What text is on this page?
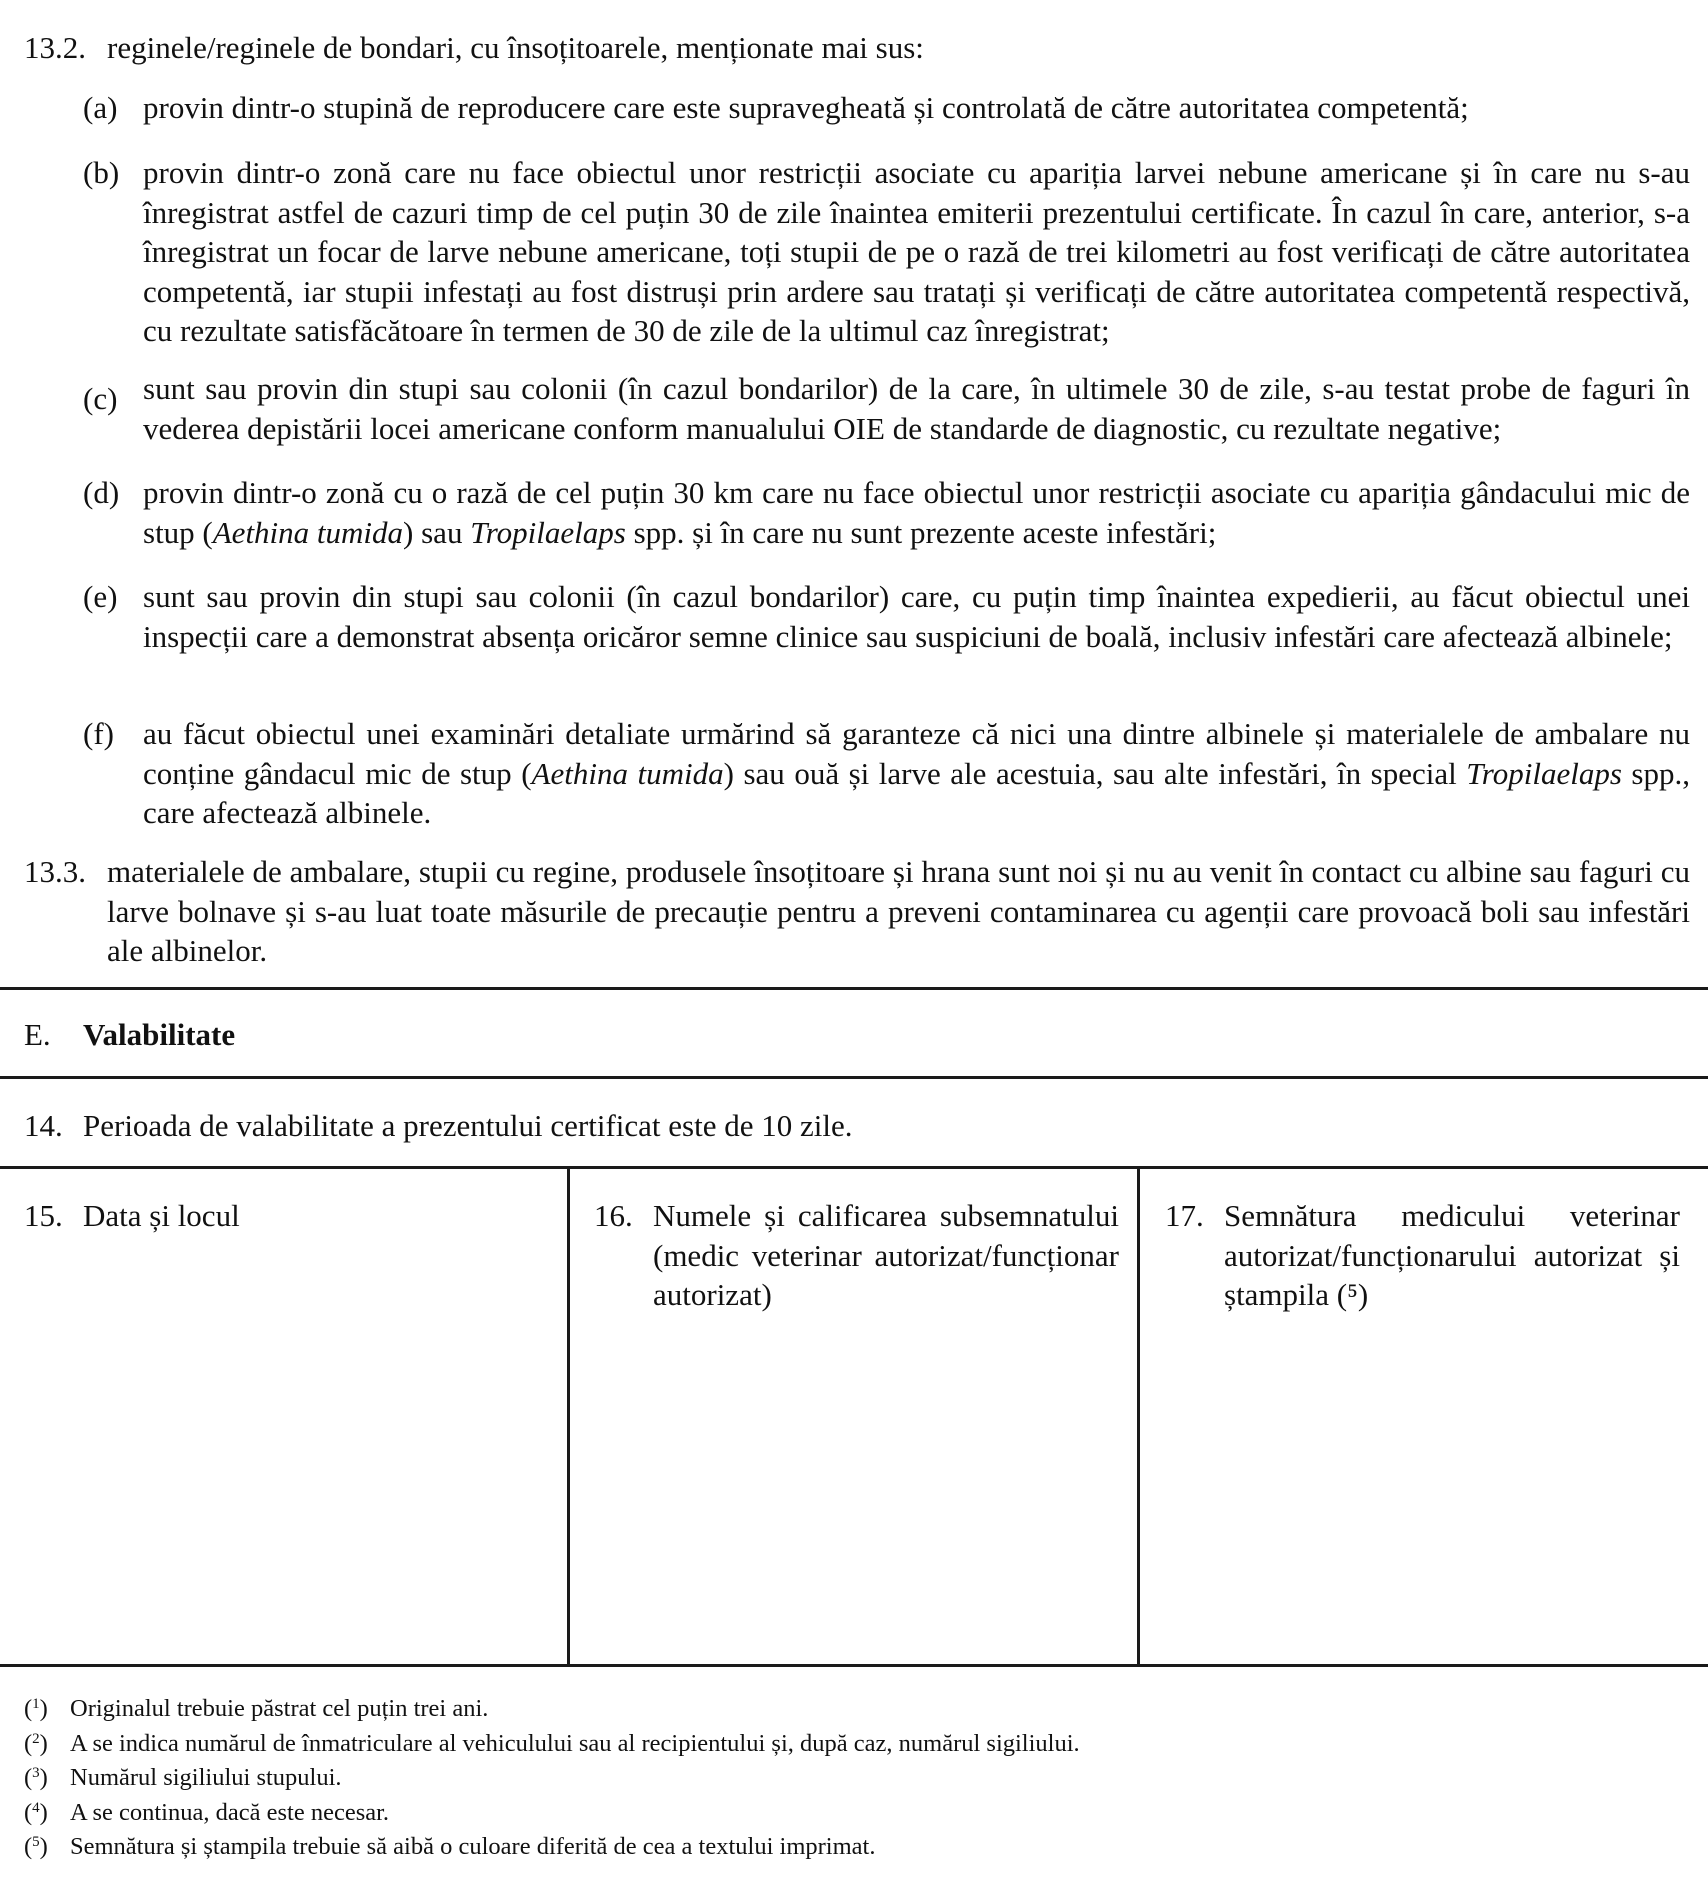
13.2. reginele/reginele de bondari, cu însoțitoarele, menționate mai sus:
(a) provin dintr-o stupină de reproducere care este supravegheată și controlată de către autoritatea competentă;
(b) provin dintr-o zonă care nu face obiectul unor restricții asociate cu apariția larvei nebune americane și în care nu s-au înregistrat astfel de cazuri timp de cel puțin 30 de zile înaintea emiterii prezentului certificate. În cazul în care, anterior, s-a înregistrat un focar de larve nebune americane, toți stupii de pe o rază de trei kilometri au fost verificați de către autoritatea competentă, iar stupii infestați au fost distruși prin ardere sau tratați și verificați de către autoritatea competentă respectivă, cu rezultate satisfăcătoare în termen de 30 de zile de la ultimul caz înregistrat;
(c) sunt sau provin din stupi sau colonii (în cazul bondarilor) de la care, în ultimele 30 de zile, s-au testat probe de faguri în vederea depistării locei americane conform manualului OIE de standarde de diagnostic, cu rezultate negative;
(d) provin dintr-o zonă cu o rază de cel puțin 30 km care nu face obiectul unor restricții asociate cu apariția gândacului mic de stup (Aethina tumida) sau Tropilaelaps spp. și în care nu sunt prezente aceste infestări;
(e) sunt sau provin din stupi sau colonii (în cazul bondarilor) care, cu puțin timp înaintea expedierii, au făcut obiectul unei inspecții care a demonstrat absența oricăror semne clinice sau suspiciuni de boală, inclusiv infestări care afectează albinele;
(f) au făcut obiectul unei examinări detaliate urmărind să garanteze că nici una dintre albinele și materialele de ambalare nu conține gândacul mic de stup (Aethina tumida) sau ouă și larve ale acestuia, sau alte infestări, în special Tropilaelaps spp., care afectează albinele.
13.3. materialele de ambalare, stupii cu regine, produsele însoțitoare și hrana sunt noi și nu au venit în contact cu albine sau faguri cu larve bolnave și s-au luat toate măsurile de precauție pentru a preveni contaminarea cu agenții care provoacă boli sau infestări ale albinelor.
E. Valabilitate
14. Perioada de valabilitate a prezentului certificat este de 10 zile.
15. Data și locul	16. Numele și calificarea subsemnatului (medic veterinar autorizat/funcționar autorizat)
17. Semnătura medicului veterinar autorizat/funcționarului autorizat și ștampila (⁵)
($^1$) Originalul trebuie păstrat cel puțin trei ani.
($^2$) A se indica numărul de înmatriculare al vehiculului sau al recipientului și, după caz, numărul sigiliului.
($^3$) Numărul sigiliului stupului.
($^4$) A se continua, dacă este necesar.
($^5$) Semnătura și ștampila trebuie să aibă o culoare diferită de cea a textului imprimat.
